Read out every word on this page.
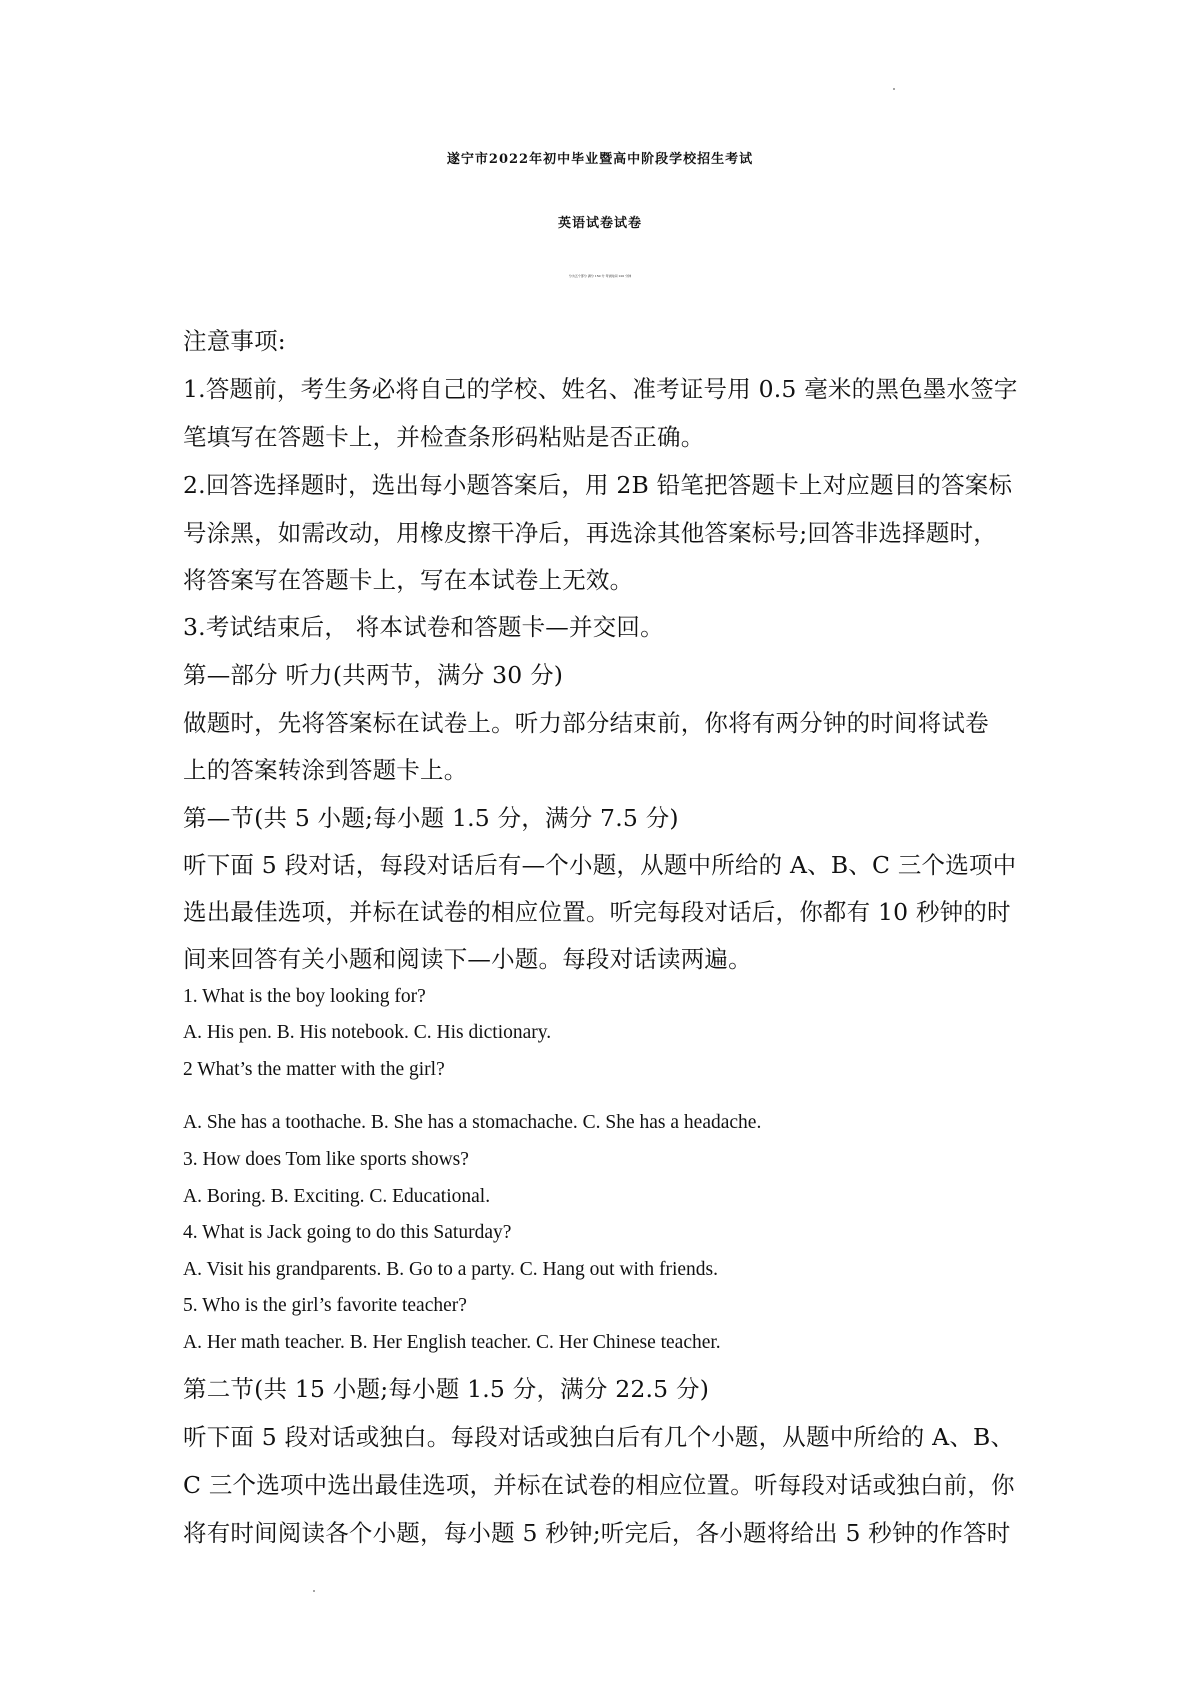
遂宁市2022年初中毕业暨高中阶段学校招生考试
英语试卷试卷
分为五个部分 满分 150 分 考试时间 120 分钟
注意事项:
1.答题前，考生务必将自己的学校、姓名、准考证号用 0.5 毫米的黑色墨水签字
笔填写在答题卡上，并检查条形码粘贴是否正确。
2.回答选择题时，选出每小题答案后，用 2B 铅笔把答题卡上对应题目的答案标
号涂黑，如需改动，用橡皮擦干净后，再选涂其他答案标号;回答非选择题时，
将答案写在答题卡上，写在本试卷上无效。
3.考试结束后， 将本试卷和答题卡—并交回。
第—部分 听力(共两节，满分 30 分)
做题时，先将答案标在试卷上。听力部分结束前，你将有两分钟的时间将试卷
上的答案转涂到答题卡上。
第—节(共 5 小题;每小题 1.5 分，满分 7.5 分)
听下面 5 段对话，每段对话后有—个小题，从题中所给的 A、B、C 三个选项中
选出最佳选项，并标在试卷的相应位置。听完每段对话后，你都有 10 秒钟的时
间来回答有关小题和阅读下—小题。每段对话读两遍。
1. What is the boy looking for?
A. His pen. B. His notebook. C. His dictionary.
2 What’s the matter with the girl?
A. She has a toothache. B. She has a stomachache. C. She has a headache.
3. How does Tom like sports shows?
A. Boring. B. Exciting. C. Educational.
4. What is Jack going to do this Saturday?
A. Visit his grandparents. B. Go to a party. C. Hang out with friends.
5. Who is the girl’s favorite teacher?
A. Her math teacher. B. Her English teacher. C. Her Chinese teacher.
第二节(共 15 小题;每小题 1.5 分，满分 22.5 分)
听下面 5 段对话或独白。每段对话或独白后有几个小题，从题中所给的 A、B、
C 三个选项中选出最佳选项，并标在试卷的相应位置。听每段对话或独白前，你
将有时间阅读各个小题，每小题 5 秒钟;听完后，各小题将给出 5 秒钟的作答时
